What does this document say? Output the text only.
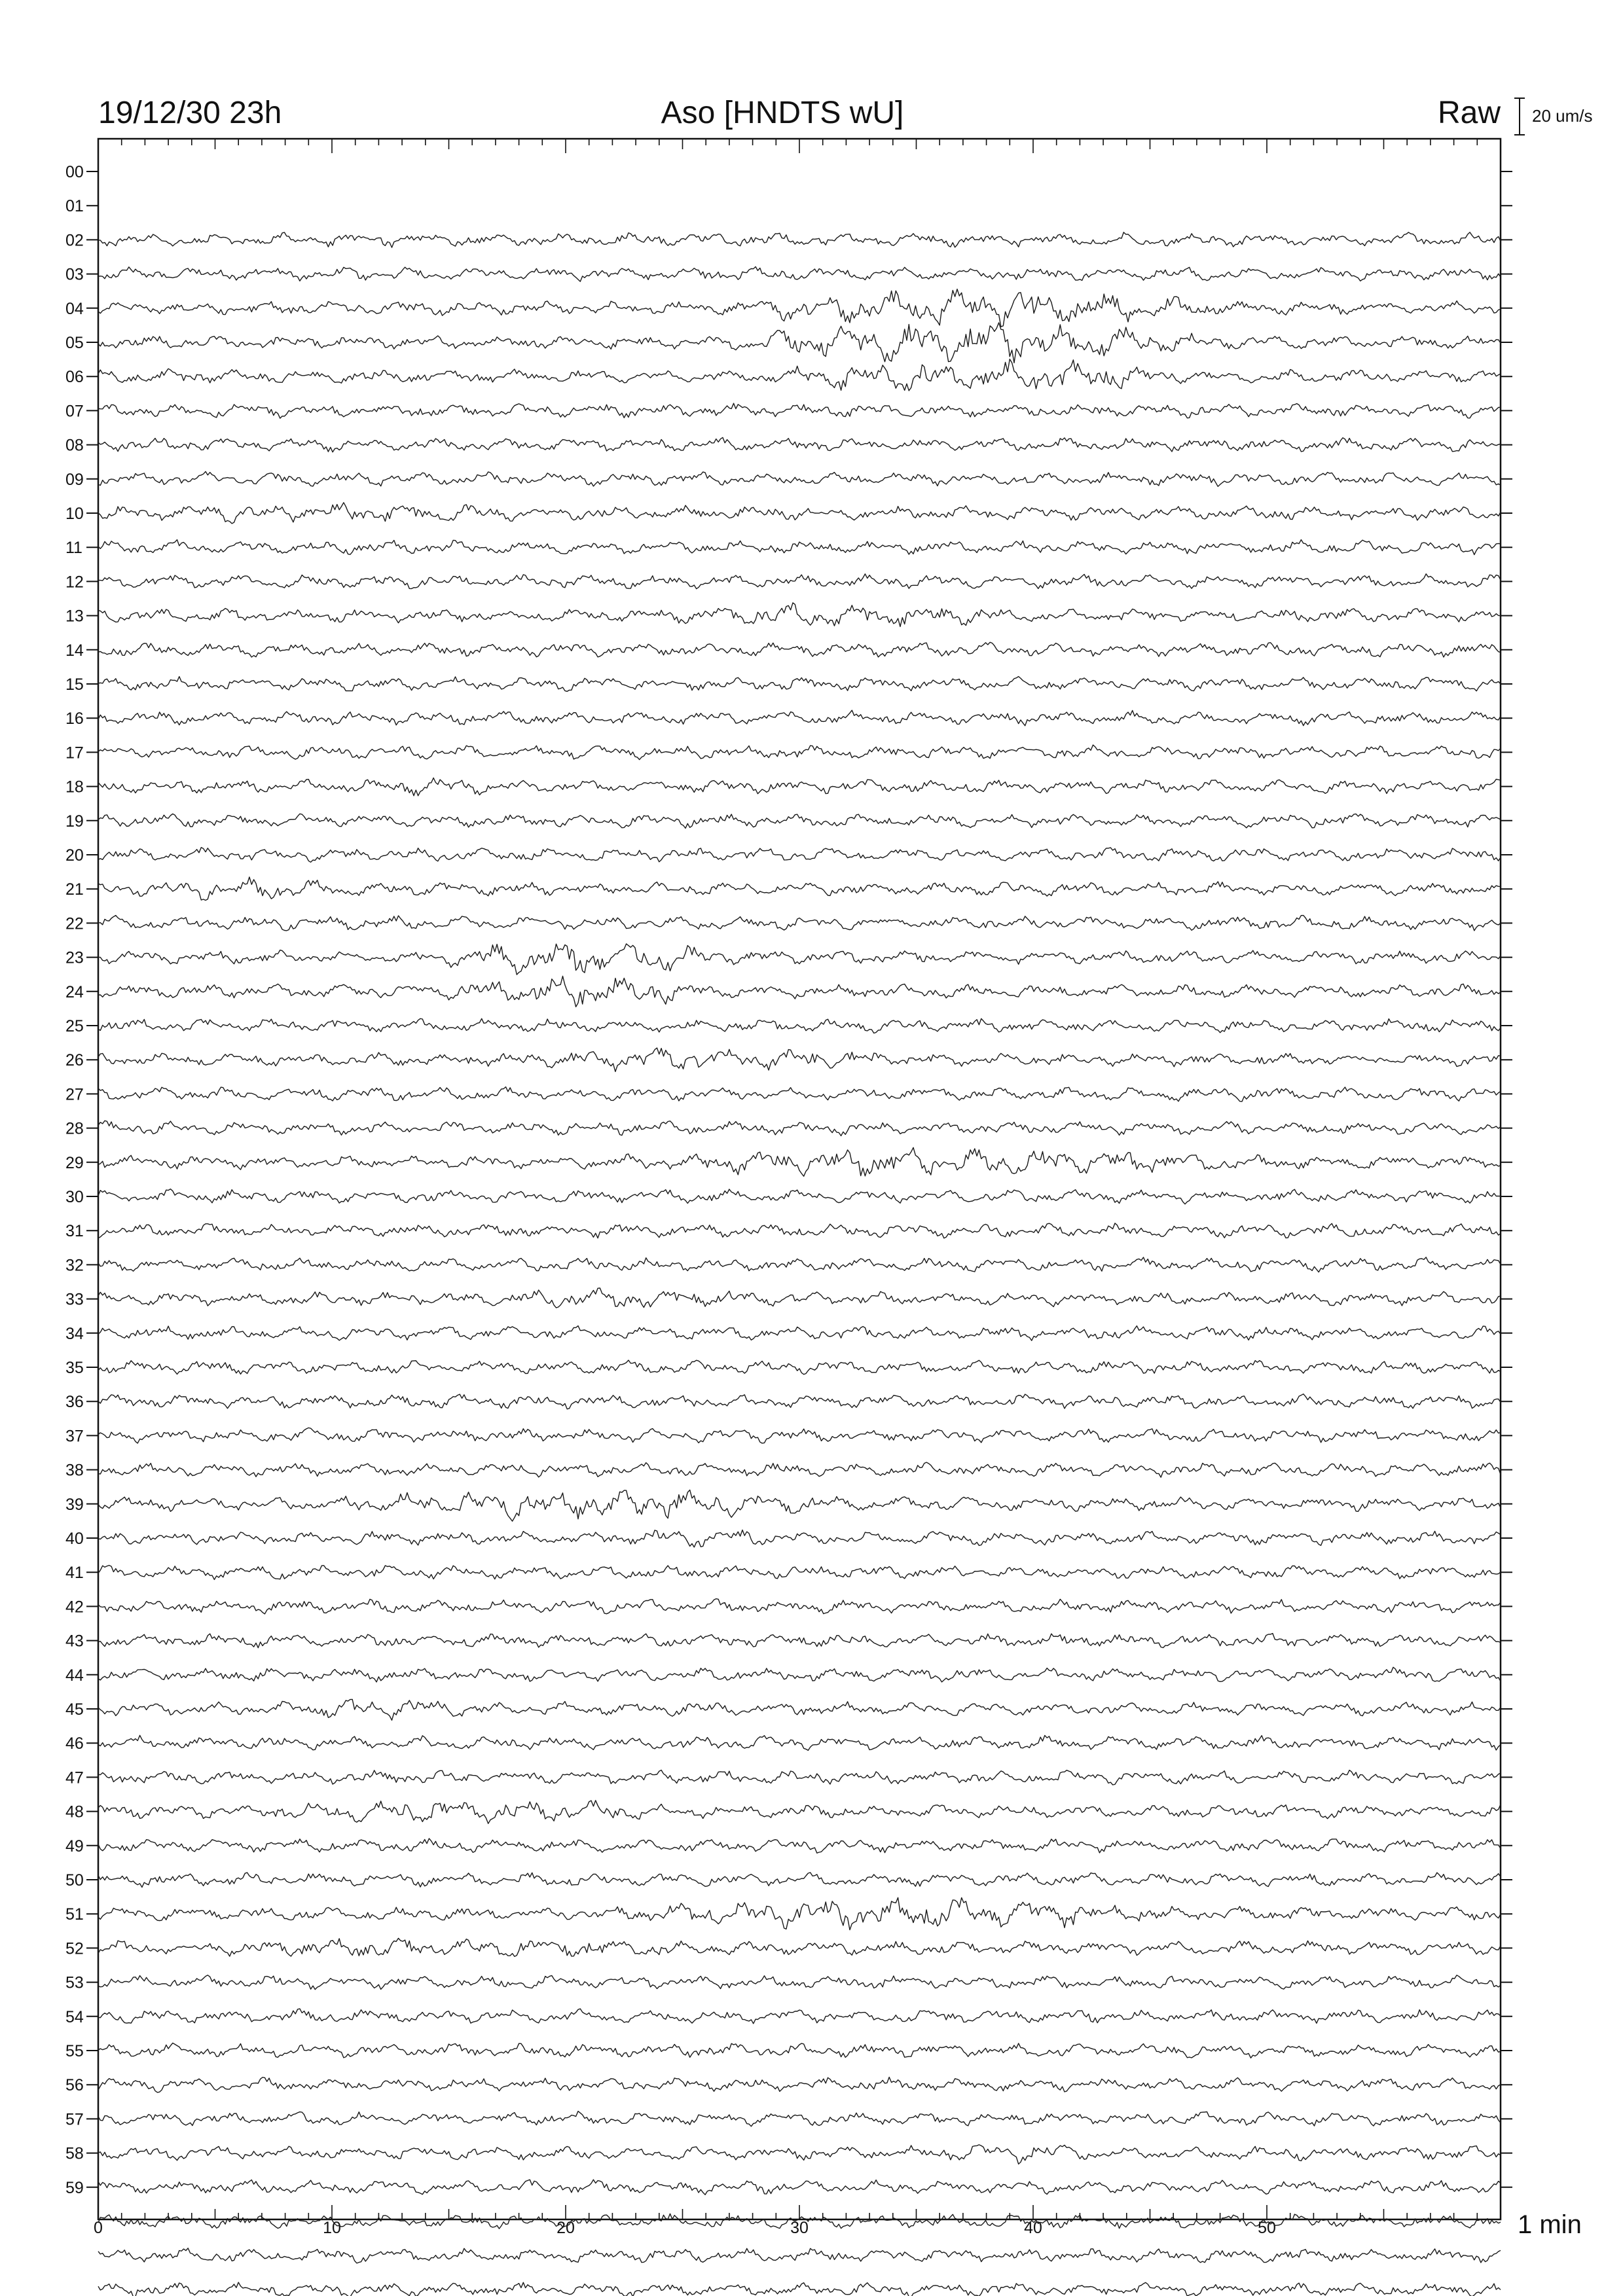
19/12/30 23h	Aso [HNDTS wU]	Raw 20 um/s
00
01
02
03
04
05
06
07
08
09
10
11
12
13
14
15
16
17
18
19
20
21
22
23
24
25
26
27
28
29
30
31
32
33
34
35
36
37
38
39
40
41
42
43
44
45
46
47
48
49
50
51
52
53
54
55
56
57
58
59
0	10	20	30	40	50	1 min
